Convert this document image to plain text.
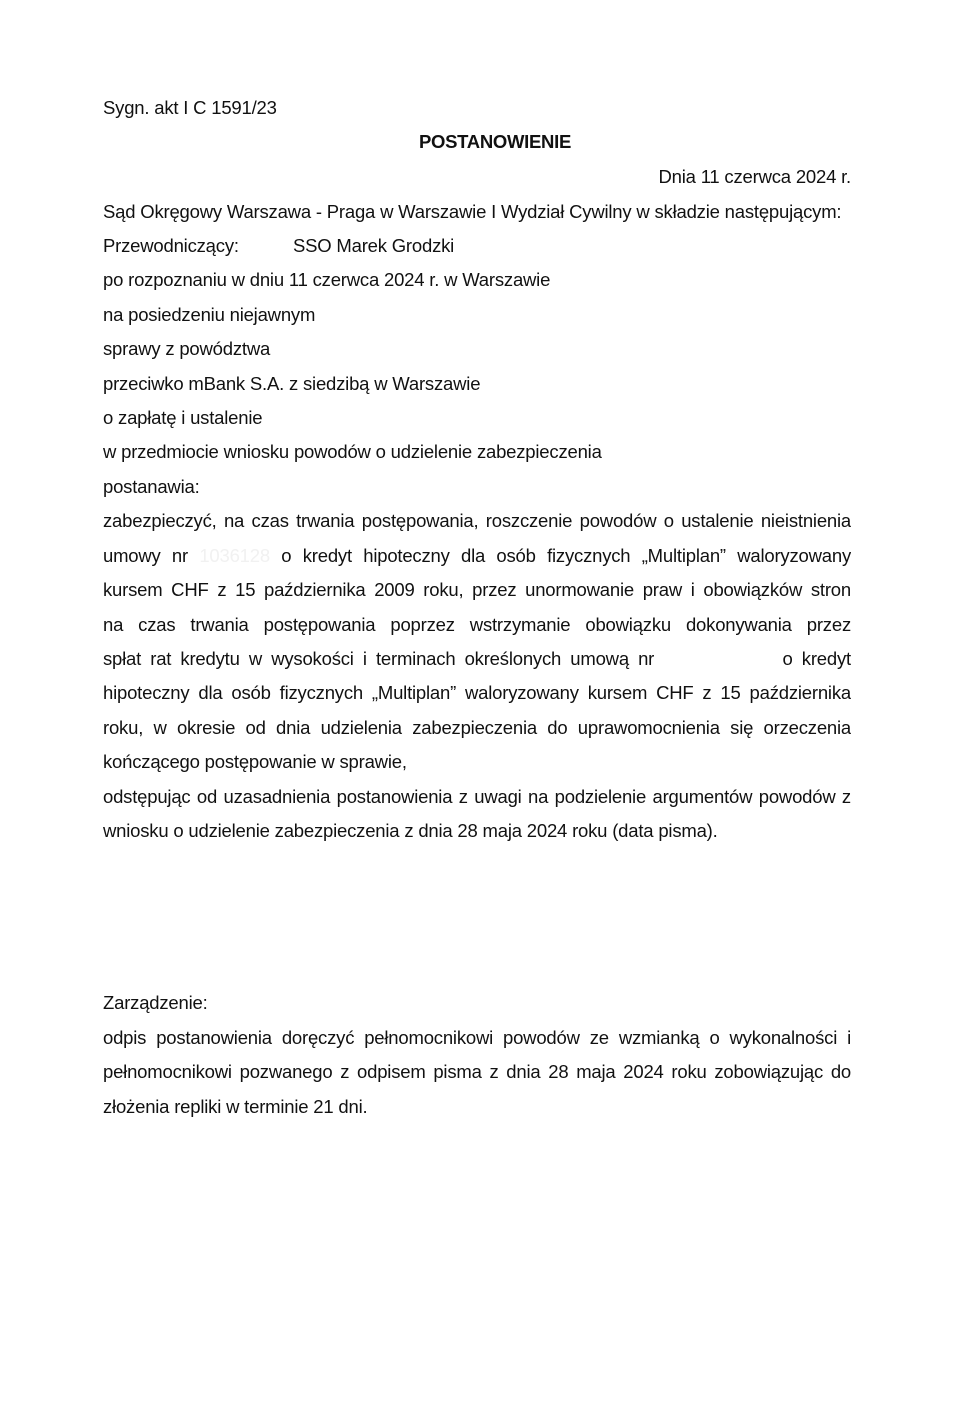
Sygn. akt I C 1591/23
POSTANOWIENIE
Dnia 11 czerwca 2024 r.
Sąd Okręgowy Warszawa - Praga w Warszawie I Wydział Cywilny w składzie następującym:
Przewodniczący:	SSO Marek Grodzki
po rozpoznaniu w dniu 11 czerwca 2024 r. w Warszawie
na posiedzeniu niejawnym
sprawy z powództwa
przeciwko mBank S.A. z siedzibą w Warszawie
o zapłatę i ustalenie
w przedmiocie wniosku powodów o udzielenie zabezpieczenia
postanawia:
zabezpieczyć, na czas trwania postępowania, roszczenie powodów o ustalenie nieistnienia
umowy nr 1036128 o kredyt hipoteczny dla osób fizycznych „Multiplan” waloryzowany
kursem CHF z 15 października 2009 roku, przez unormowanie praw i obowiązków stron
na czas trwania postępowania poprzez wstrzymanie obowiązku dokonywania przez
spłat rat kredytu w wysokości i terminach określonych umową nr	o kredyt
hipoteczny dla osób fizycznych „Multiplan” waloryzowany kursem CHF z 15 października
roku, w okresie od dnia udzielenia zabezpieczenia do uprawomocnienia się orzeczenia
kończącego postępowanie w sprawie,
odstępując od uzasadnienia postanowienia z uwagi na podzielenie argumentów powodów z
wniosku o udzielenie zabezpieczenia z dnia 28 maja 2024 roku (data pisma).
Zarządzenie:
odpis postanowienia doręczyć pełnomocnikowi powodów ze wzmianką o wykonalności i
pełnomocnikowi pozwanego z odpisem pisma z dnia 28 maja 2024 roku zobowiązując do
złożenia repliki w terminie 21 dni.
